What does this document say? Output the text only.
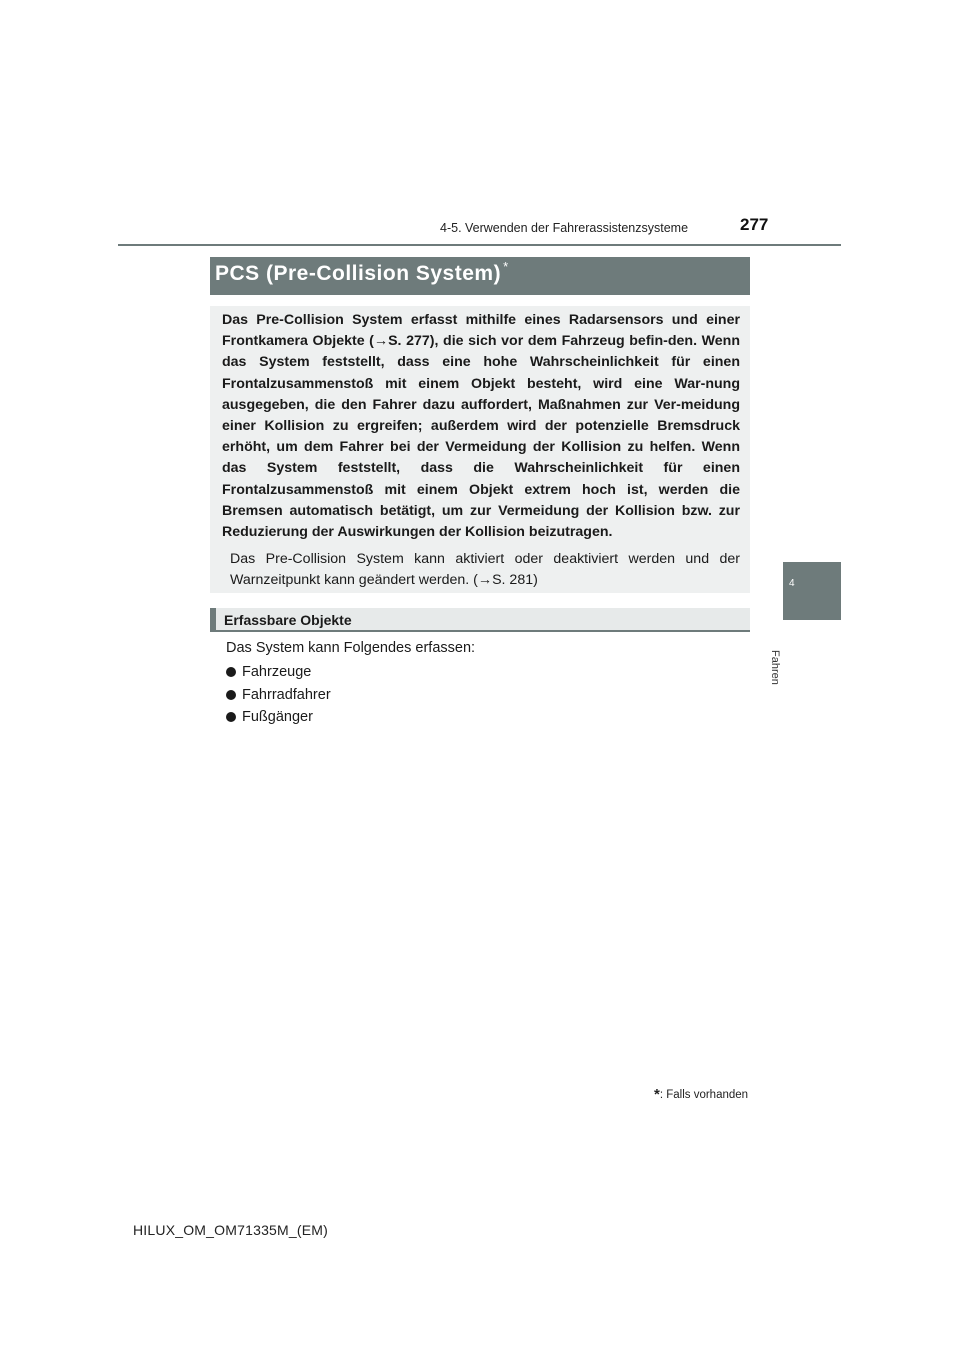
4-5. Verwenden der Fahrerassistenzsysteme	277
4
Fahren
PCS (Pre-Collision System) *

Das Pre-Collision System erfasst mithilfe eines Radarsensors und einer Frontkamera Objekte (→S. 277), die sich vor dem Fahrzeug befin-den. Wenn das System feststellt, dass eine hohe Wahrscheinlichkeit für einen Frontalzusammenstoß mit einem Objekt besteht, wird eine War-nung ausgegeben, die den Fahrer dazu auffordert, Maßnahmen zur Ver-meidung einer Kollision zu ergreifen; außerdem wird der potenzielle Bremsdruck erhöht, um dem Fahrer bei der Vermeidung der Kollision zu helfen. Wenn das System feststellt, dass die Wahrscheinlichkeit für einen Frontalzusammenstoß mit einem Objekt extrem hoch ist, werden die Bremsen automatisch betätigt, um zur Vermeidung der Kollision bzw. zur Reduzierung der Auswirkungen der Kollision beizutragen.

Das Pre-Collision System kann aktiviert oder deaktiviert werden und der Warnzeitpunkt kann geändert werden. (→S. 281)

Erfassbare Objekte
Das System kann Folgendes erfassen:
Fahrzeuge
Fahrradfahrer
Fußgänger
*: Falls vorhanden
HILUX_OM_OM71335M_(EM)
